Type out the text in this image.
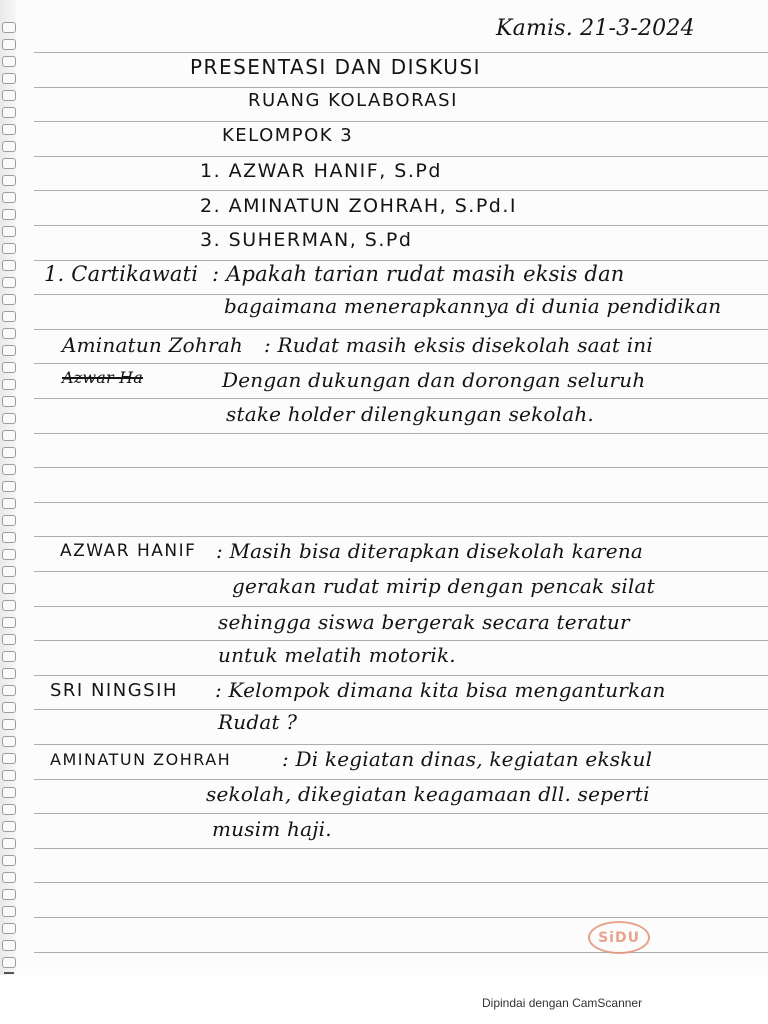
Kamis. 21-3-2024
PRESENTASI DAN DISKUSI
RUANG KOLABORASI
KELOMPOK 3
1. AZWAR HANIF, S.Pd
2. AMINATUN ZOHRAH, S.Pd.I
3. SUHERMAN, S.Pd
1. Cartikawati : Apakah tarian rudat masih eksis dan
bagaimana menerapkannya di dunia pendidikan
Aminatun Zohrah : Rudat masih eksis disekolah saat ini
Dengan dukungan dan dorongan seluruh
stake holder dilengkungan sekolah.
Azwar Ha
AZWAR HANIF : Masih bisa diterapkan disekolah karena
gerakan rudat mirip dengan pencak silat
sehingga siswa bergerak secara teratur
untuk melatih motorik.
SRI NINGSIH : Kelompok dimana kita bisa menganturkan
Rudat ?
AMINATUN ZOHRAH	: Di kegiatan dinas, kegiatan ekskul
sekolah, dikegiatan keagamaan dll. seperti
musim haji.
SiDU
Dipindai dengan CamScanner
